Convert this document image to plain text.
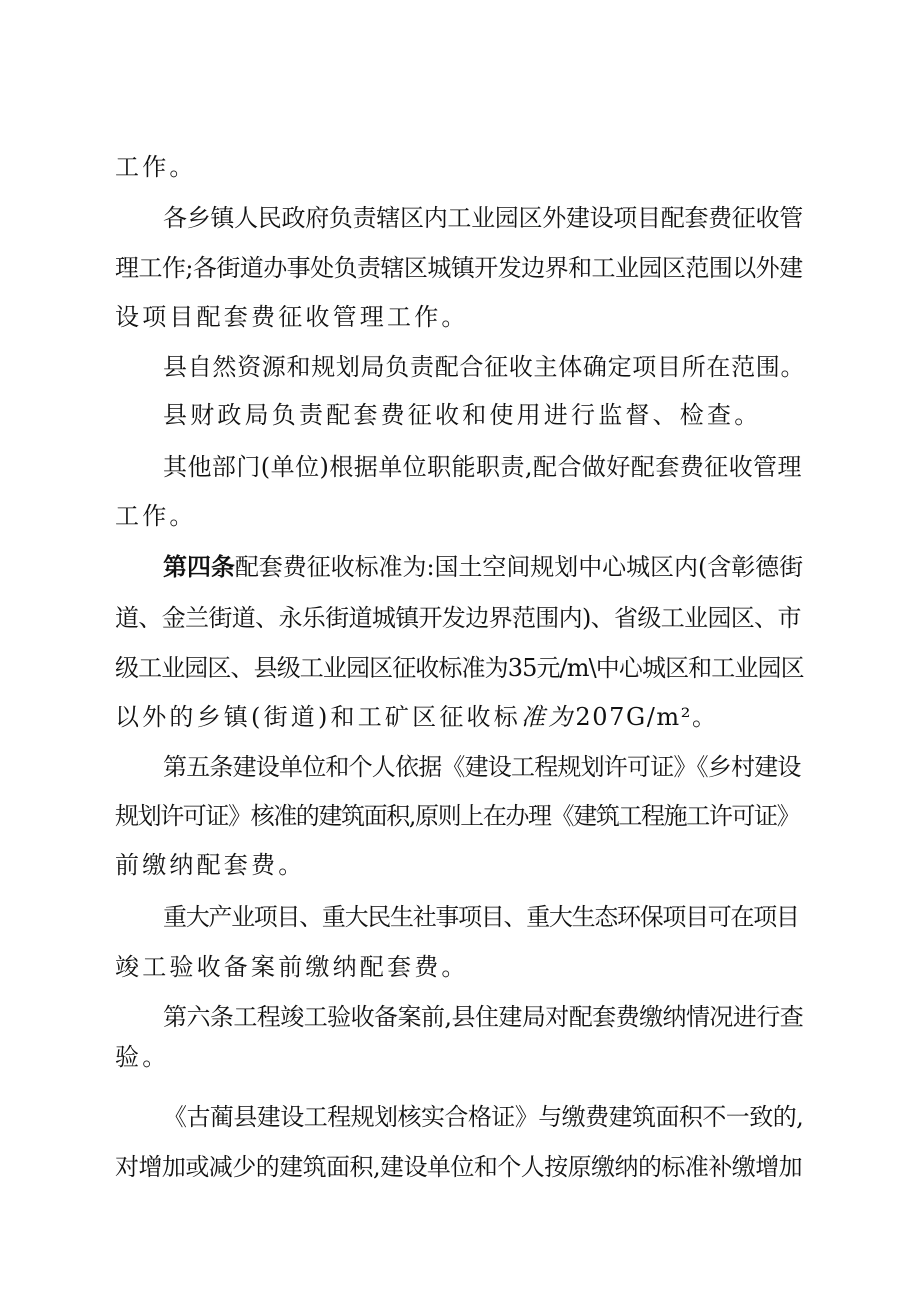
工作。
各乡镇人民政府负责辖区内工业园区外建设项目配套费征收管
理工作;各街道办事处负责辖区城镇开发边界和工业园区范围以外建
设项目配套费征收管理工作。
县自然资源和规划局负责配合征收主体确定项目所在范围。
县财政局负责配套费征收和使用进行监督、检查。
其他部门(单位)根据单位职能职责,配合做好配套费征收管理
工作。
第四条配套费征收标准为:国土空间规划中心城区内(含彰德街
道、金兰街道、永乐街道城镇开发边界范围内)、省级工业园区、市
级工业园区、县级工业园区征收标准为35元/m\中心城区和工业园区
以外的乡镇(街道)和工矿区征收标准为207G/m²。
第五条建设单位和个人依据《建设工程规划许可证》《乡村建设
规划许可证》核准的建筑面积,原则上在办理《建筑工程施工许可证》
前缴纳配套费。
重大产业项目、重大民生社事项目、重大生态环保项目可在项目
竣工验收备案前缴纳配套费。
第六条工程竣工验收备案前,县住建局对配套费缴纳情况进行查
验。
《古蔺县建设工程规划核实合格证》与缴费建筑面积不一致的,
对增加或减少的建筑面积,建设单位和个人按原缴纳的标准补缴增加
